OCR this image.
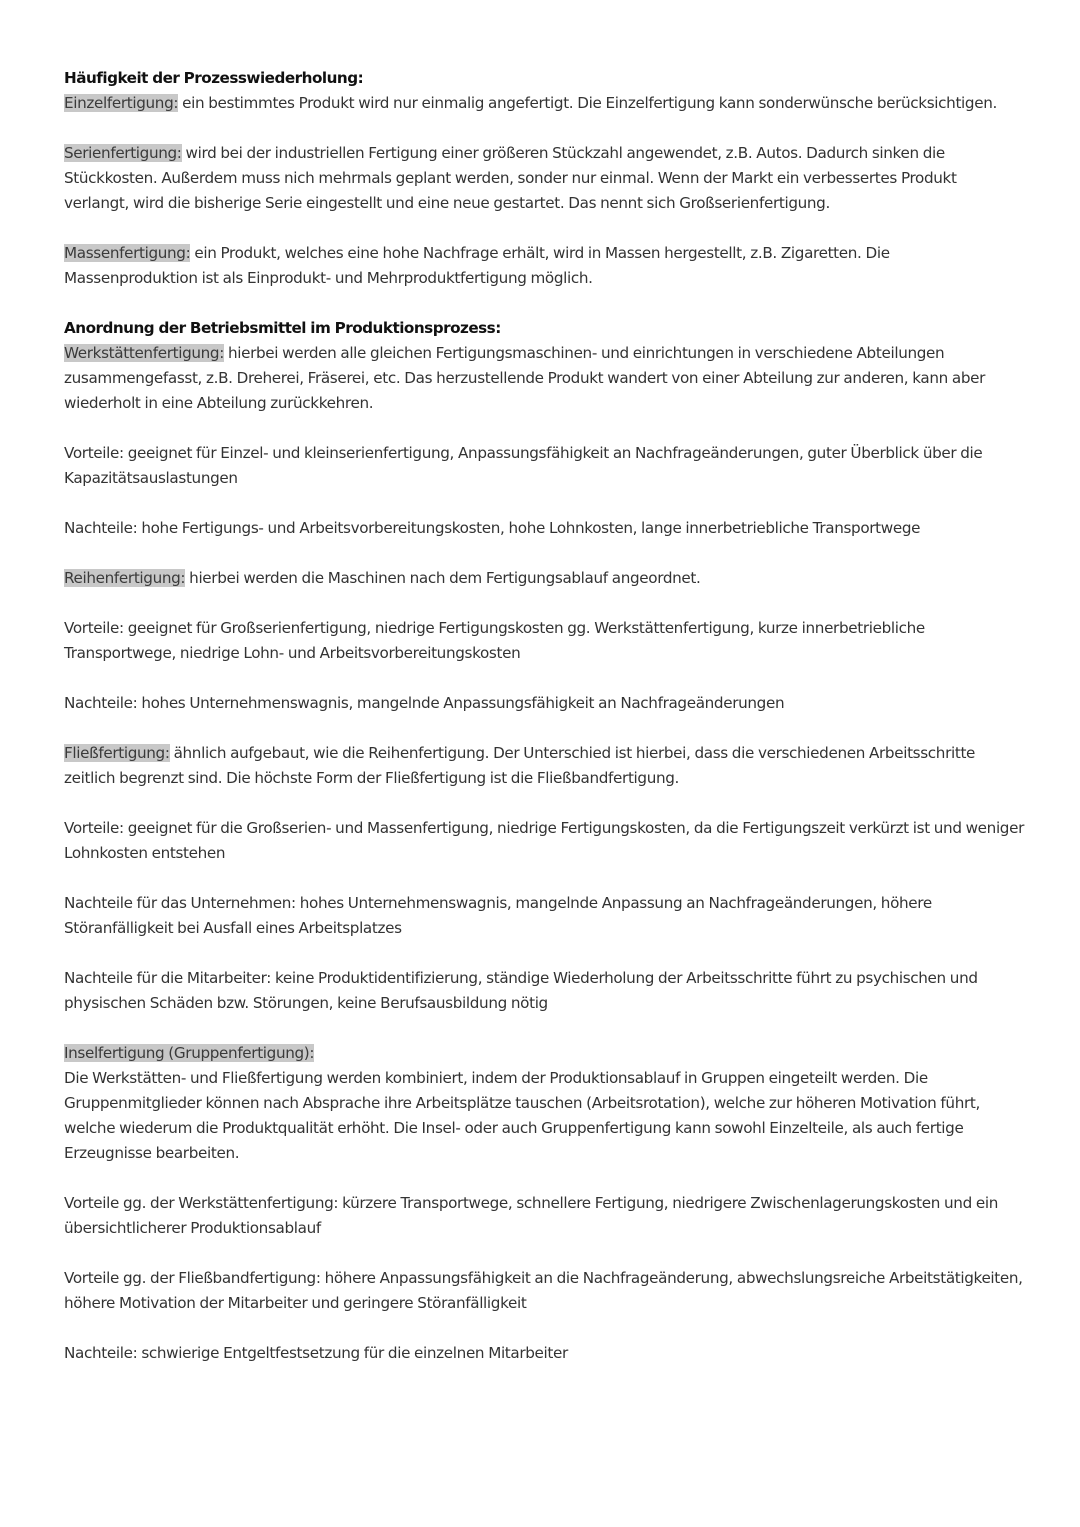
Häufigkeit der Prozesswiederholung:

Einzelfertigung: ein bestimmtes Produkt wird nur einmalig angefertigt. Die Einzelfertigung kann sonderwünsche berücksichtigen.

Serienfertigung: wird bei der industriellen Fertigung einer größeren Stückzahl angewendet, z.B. Autos. Dadurch sinken die Stückkosten. Außerdem muss nich mehrmals geplant werden, sonder nur einmal. Wenn der Markt ein verbessertes Produkt verlangt, wird die bisherige Serie eingestellt und eine neue gestartet. Das nennt sich Großserienfertigung.

Massenfertigung: ein Produkt, welches eine hohe Nachfrage erhält, wird in Massen hergestellt, z.B. Zigaretten. Die Massenproduktion ist als Einprodukt- und Mehrproduktfertigung möglich.

Anordnung der Betriebsmittel im Produktionsprozess:

Werkstättenfertigung: hierbei werden alle gleichen Fertigungsmaschinen- und einrichtungen in verschiedene Abteilungen zusammengefasst, z.B. Dreherei, Fräserei, etc. Das herzustellende Produkt wandert von einer Abteilung zur anderen, kann aber wiederholt in eine Abteilung zurückkehren.

Vorteile: geeignet für Einzel- und kleinserienfertigung, Anpassungsfähigkeit an Nachfrageänderungen, guter Überblick über die Kapazitätsauslastungen

Nachteile: hohe Fertigungs- und Arbeitsvorbereitungskosten, hohe Lohnkosten, lange innerbetriebliche Transportwege

Reihenfertigung: hierbei werden die Maschinen nach dem Fertigungsablauf angeordnet.

Vorteile: geeignet für Großserienfertigung, niedrige Fertigungskosten gg. Werkstättenfertigung, kurze innerbetriebliche Transportwege, niedrige Lohn- und Arbeitsvorbereitungskosten

Nachteile: hohes Unternehmenswagnis, mangelnde Anpassungsfähigkeit an Nachfrageänderungen

Fließfertigung: ähnlich aufgebaut, wie die Reihenfertigung. Der Unterschied ist hierbei, dass die verschiedenen Arbeitsschritte zeitlich begrenzt sind. Die höchste Form der Fließfertigung ist die Fließbandfertigung.

Vorteile: geeignet für die Großserien- und Massenfertigung, niedrige Fertigungskosten, da die Fertigungszeit verkürzt ist und weniger Lohnkosten entstehen

Nachteile für das Unternehmen: hohes Unternehmenswagnis, mangelnde Anpassung an Nachfrageänderungen, höhere Störanfälligkeit bei Ausfall eines Arbeitsplatzes

Nachteile für die Mitarbeiter: keine Produktidentifizierung, ständige Wiederholung der Arbeitsschritte führt zu psychischen und physischen Schäden bzw. Störungen, keine Berufsausbildung nötig

Inselfertigung (Gruppenfertigung):
Die Werkstätten- und Fließfertigung werden kombiniert, indem der Produktionsablauf in Gruppen eingeteilt werden. Die Gruppenmitglieder können nach Absprache ihre Arbeitsplätze tauschen (Arbeitsrotation), welche zur höheren Motivation führt, welche wiederum die Produktqualität erhöht. Die Insel- oder auch Gruppenfertigung kann sowohl Einzelteile, als auch fertige Erzeugnisse bearbeiten.

Vorteile gg. der Werkstättenfertigung: kürzere Transportwege, schnellere Fertigung, niedrigere Zwischenlagerungskosten und ein übersichtlicherer Produktionsablauf

Vorteile gg. der Fließbandfertigung: höhere Anpassungsfähigkeit an die Nachfrageänderung, abwechslungsreiche Arbeitstätigkeiten, höhere Motivation der Mitarbeiter und geringere Störanfälligkeit

Nachteile: schwierige Entgeltfestsetzung für die einzelnen Mitarbeiter
